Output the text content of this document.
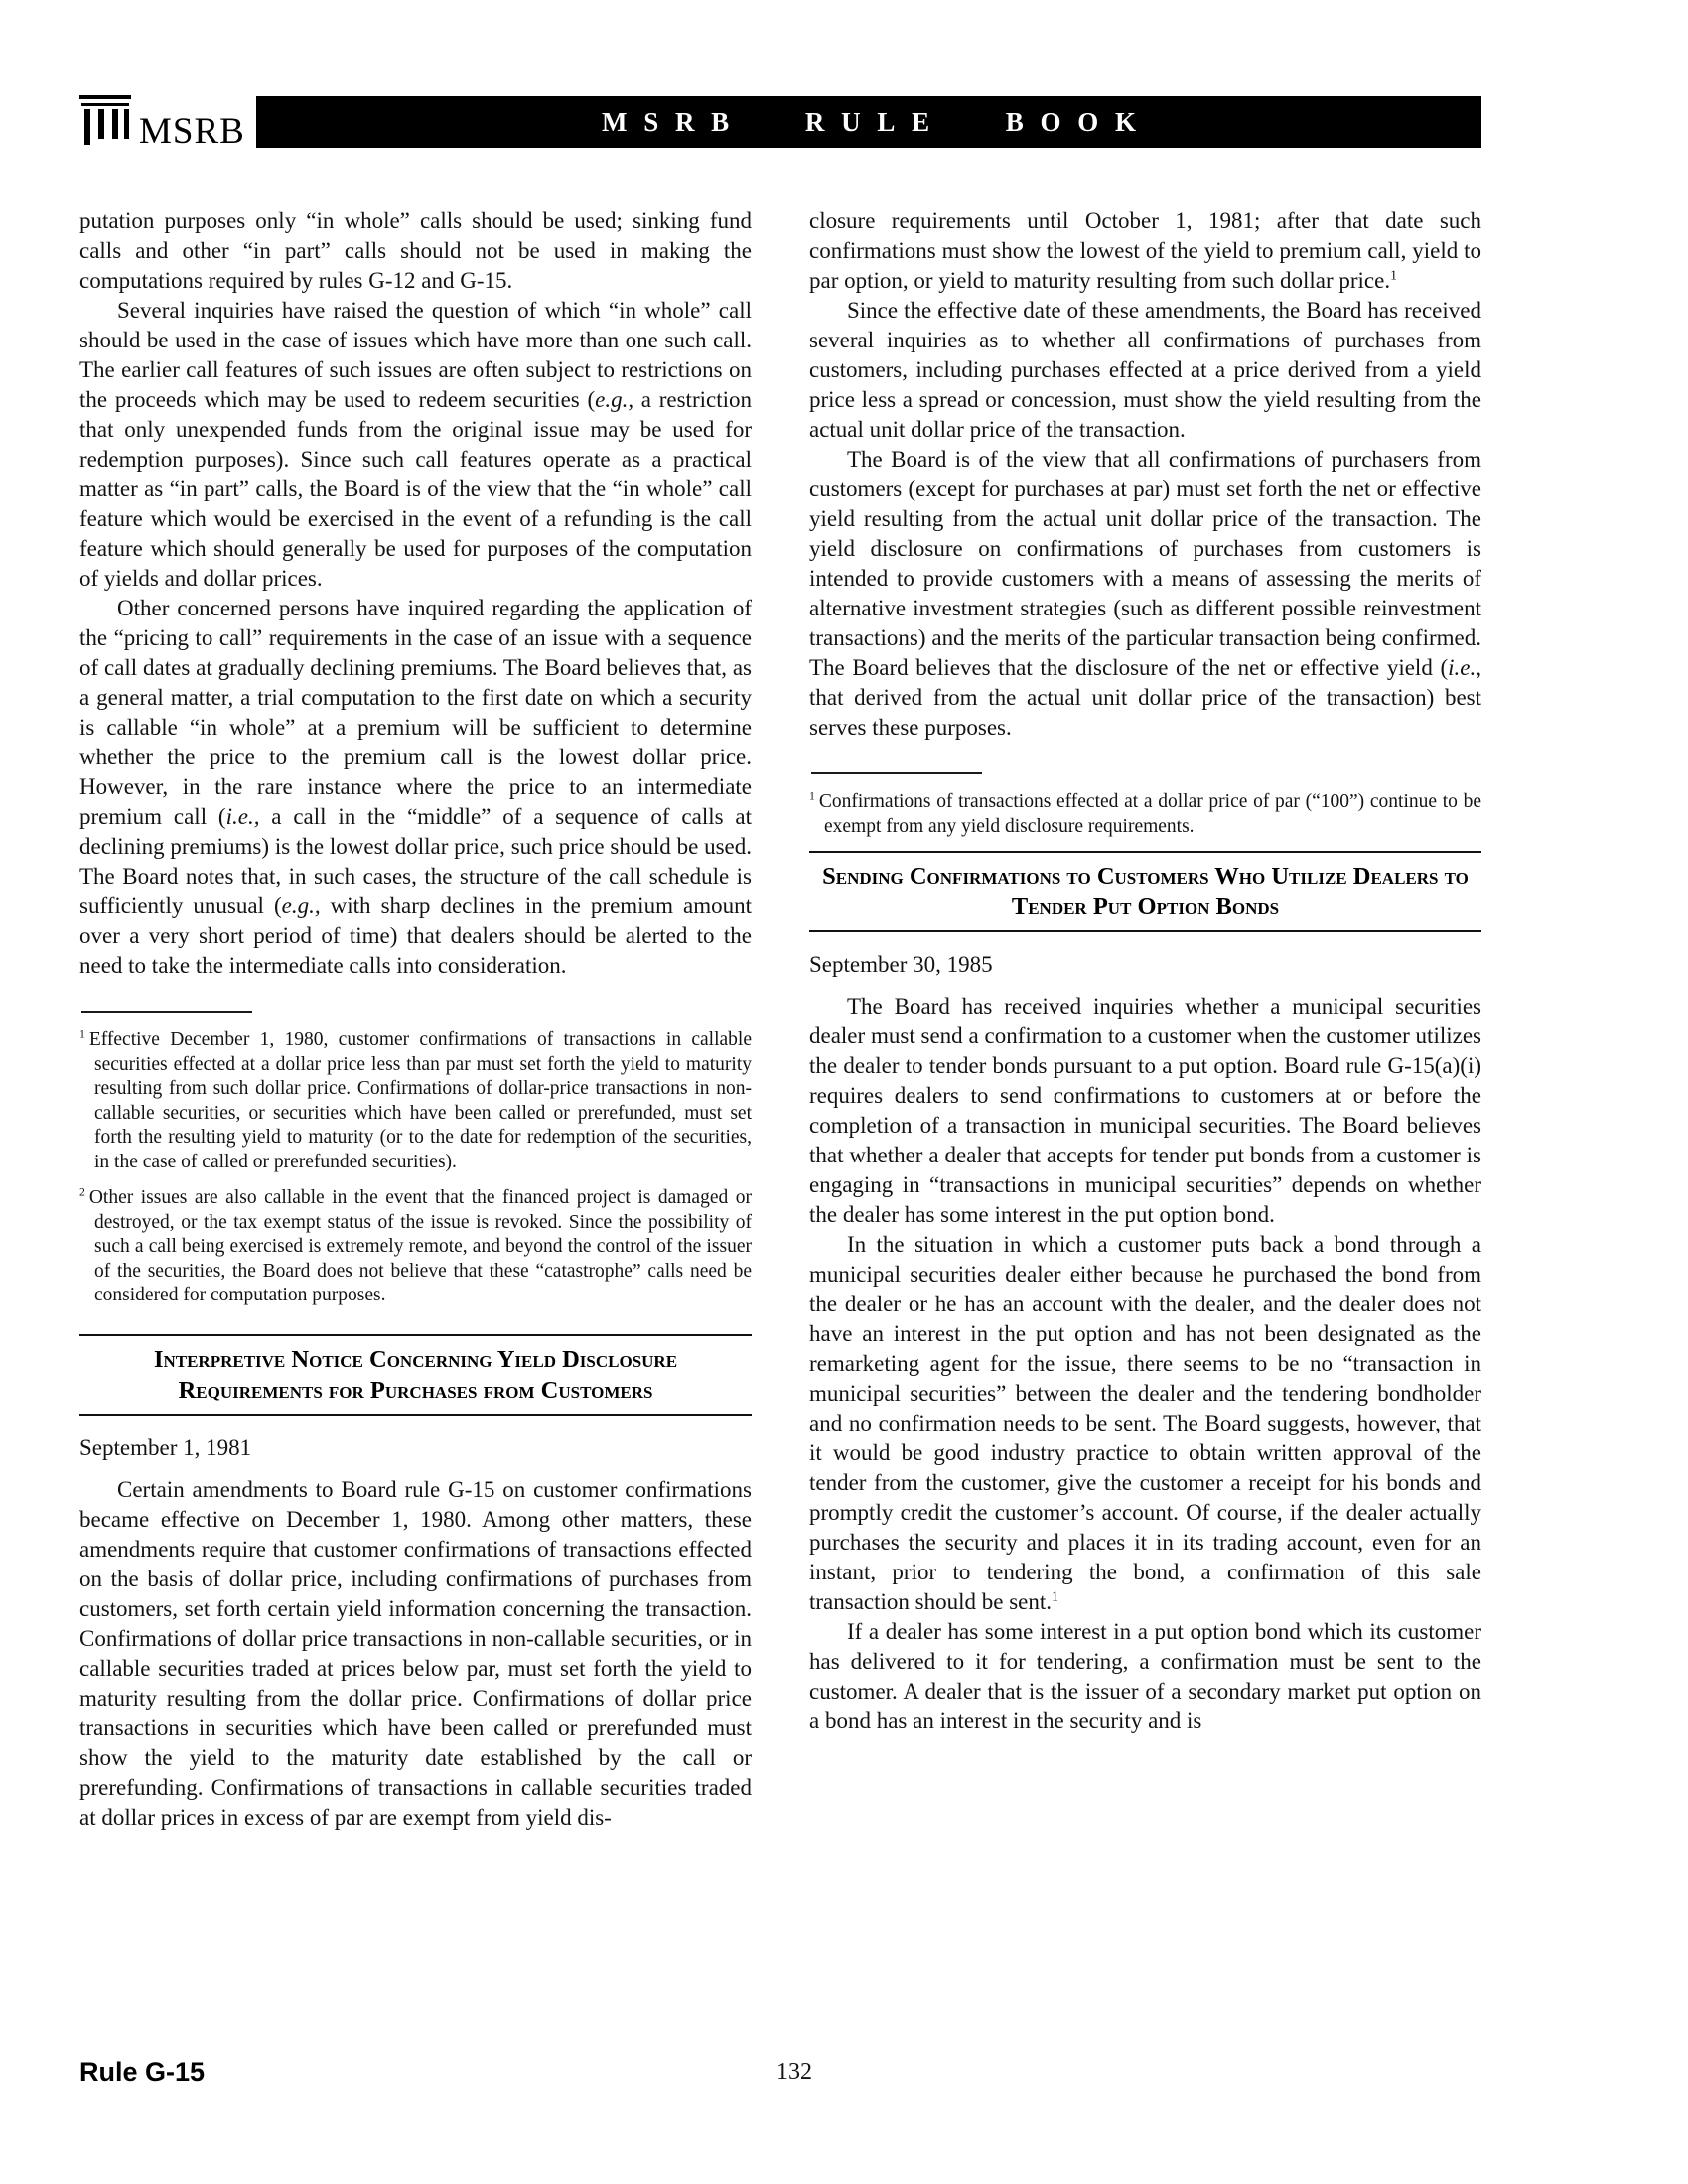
MSRB	MSRB RULE BOOK

putation purposes only “in whole” calls should be used; sinking fund calls and other “in part” calls should not be used in making the computations required by rules G-12 and G-15.

Several inquiries have raised the question of which “in whole” call should be used in the case of issues which have more than one such call. The earlier call features of such issues are often subject to restrictions on the proceeds which may be used to redeem securities (e.g., a restriction that only unexpended funds from the original issue may be used for redemption purposes). Since such call features operate as a practical matter as “in part” calls, the Board is of the view that the “in whole” call feature which would be exercised in the event of a refunding is the call feature which should generally be used for purposes of the computation of yields and dollar prices.

Other concerned persons have inquired regarding the application of the “pricing to call” requirements in the case of an issue with a sequence of call dates at gradually declining premiums. The Board believes that, as a general matter, a trial computation to the first date on which a security is callable “in whole” at a premium will be sufficient to determine whether the price to the premium call is the lowest dollar price. However, in the rare instance where the price to an intermediate premium call (i.e., a call in the “middle” of a sequence of calls at declining premiums) is the lowest dollar price, such price should be used. The Board notes that, in such cases, the structure of the call schedule is sufficiently unusual (e.g., with sharp declines in the premium amount over a very short period of time) that dealers should be alerted to the need to take the intermediate calls into consideration.

$^1$ Effective December 1, 1980, customer confirmations of transactions in callable securities effected at a dollar price less than par must set forth the yield to maturity resulting from such dollar price. Confirmations of dollar-price transactions in non-callable securities, or securities which have been called or prerefunded, must set forth the resulting yield to maturity (or to the date for redemption of the securities, in the case of called or prerefunded securities).
$^2$ Other issues are also callable in the event that the financed project is damaged or destroyed, or the tax exempt status of the issue is revoked. Since the possibility of such a call being exercised is extremely remote, and beyond the control of the issuer of the securities, the Board does not believe that these “catastrophe” calls need be considered for computation purposes.
Interpretive Notice Concerning Yield Disclosure Requirements for Purchases from Customers

September 1, 1981

Certain amendments to Board rule G-15 on customer confirmations became effective on December 1, 1980. Among other matters, these amendments require that customer confirmations of transactions effected on the basis of dollar price, including confirmations of purchases from customers, set forth certain yield information concerning the transaction. Confirmations of dollar price transactions in non-callable securities, or in callable securities traded at prices below par, must set forth the yield to maturity resulting from the dollar price. Confirmations of dollar price transactions in securities which have been called or prerefunded must show the yield to the maturity date established by the call or prerefunding. Confirmations of transactions in callable securities traded at dollar prices in excess of par are exempt from yield dis-

closure requirements until October 1, 1981; after that date such confirmations must show the lowest of the yield to premium call, yield to par option, or yield to maturity resulting from such dollar price.$^1$

Since the effective date of these amendments, the Board has received several inquiries as to whether all confirmations of purchases from customers, including purchases effected at a price derived from a yield price less a spread or concession, must show the yield resulting from the actual unit dollar price of the transaction.

The Board is of the view that all confirmations of purchasers from customers (except for purchases at par) must set forth the net or effective yield resulting from the actual unit dollar price of the transaction. The yield disclosure on confirmations of purchases from customers is intended to provide customers with a means of assessing the merits of alternative investment strategies (such as different possible reinvestment transactions) and the merits of the particular transaction being confirmed. The Board believes that the disclosure of the net or effective yield (i.e., that derived from the actual unit dollar price of the transaction) best serves these purposes.

$^1$ Confirmations of transactions effected at a dollar price of par (“100”) continue to be exempt from any yield disclosure requirements.
Sending Confirmations to Customers Who Utilize Dealers to Tender Put Option Bonds

September 30, 1985

The Board has received inquiries whether a municipal securities dealer must send a confirmation to a customer when the customer utilizes the dealer to tender bonds pursuant to a put option. Board rule G-15(a)(i) requires dealers to send confirmations to customers at or before the completion of a transaction in municipal securities. The Board believes that whether a dealer that accepts for tender put bonds from a customer is engaging in “transactions in municipal securities” depends on whether the dealer has some interest in the put option bond.

In the situation in which a customer puts back a bond through a municipal securities dealer either because he purchased the bond from the dealer or he has an account with the dealer, and the dealer does not have an interest in the put option and has not been designated as the remarketing agent for the issue, there seems to be no “transaction in municipal securities” between the dealer and the tendering bondholder and no confirmation needs to be sent. The Board suggests, however, that it would be good industry practice to obtain written approval of the tender from the customer, give the customer a receipt for his bonds and promptly credit the customer’s account. Of course, if the dealer actually purchases the security and places it in its trading account, even for an instant, prior to tendering the bond, a confirmation of this sale transaction should be sent.$^1$

If a dealer has some interest in a put option bond which its customer has delivered to it for tendering, a confirmation must be sent to the customer. A dealer that is the issuer of a secondary market put option on a bond has an interest in the security and is

Rule G-15	132
